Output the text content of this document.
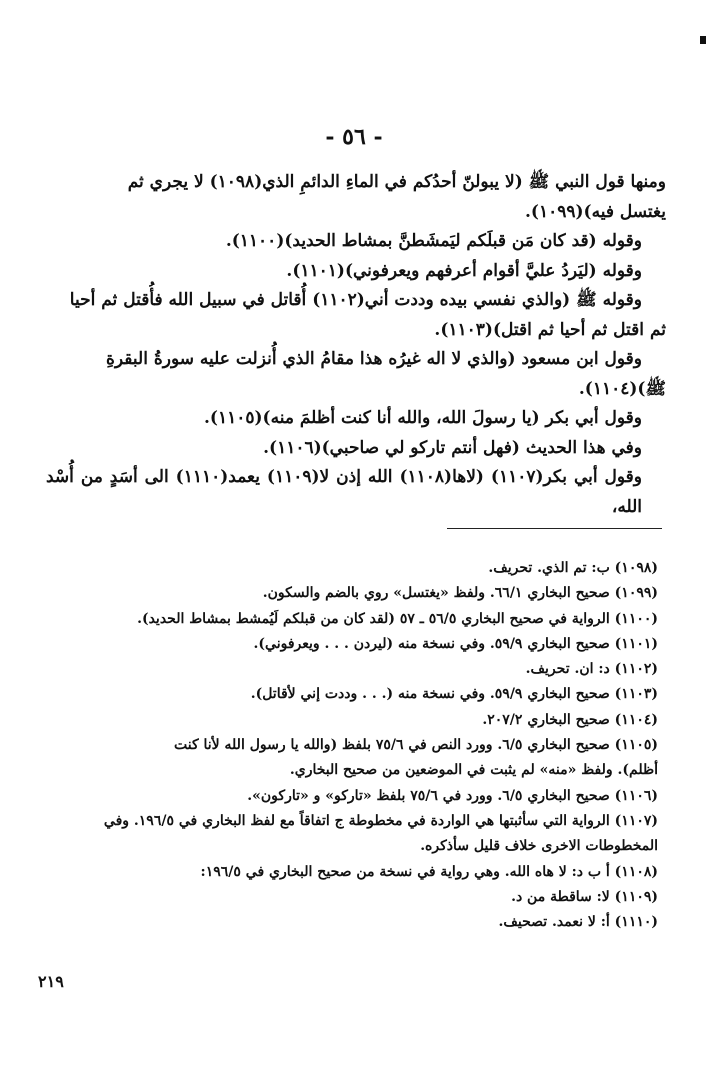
- ٥٦ -

ومنها قول النبي ﷺ (لا يبولنّ أحدُكم في الماءِ الدائمِ الذي(١٠٩٨) لا يجري ثم

يغتسل فيه)(١٠٩٩).

وقوله (قد كان مَن قبلَكم ليَمشَطنَّ بمشاط الحديد)(١١٠٠).

وقوله (ليَردُ عليَّ أقوام أعرفهم ويعرفوني)(١١٠١).

وقوله ﷺ (والذي نفسي بيده وددت أني(١١٠٢) أُقاتل في سبيل الله فأُقتل ثم أحيا

ثم اقتل ثم أحيا ثم اقتل)(١١٠٣).

وقول ابن مسعود (والذي لا اله غيرُه هذا مقامُ الذي أُنزلت عليه سورةُ البقرةِ

ﷺ)(١١٠٤).

وقول أبي بكر (يا رسولَ الله، والله أنا كنت أظلمَ منه)(١١٠٥).

وفي هذا الحديث (فهل أنتم تاركو لي صاحبي)(١١٠٦).

وقول أبي بكر(١١٠٧) (لاها(١١٠٨) الله إذن لا(١١٠٩) يعمد(١١١٠) الى أسَدٍ من أُسْد الله،

(١٠٩٨) ب: تم الذي. تحريف.

(١٠٩٩) صحيح البخاري ٦٦/١. ولفظ «يغتسل» روي بالضم والسكون.

(١١٠٠) الرواية في صحيح البخاري ٥٦/٥ ـ ٥٧ (لقد كان من قبلكم لَيُمشط بمشاط الحديد).

(١١٠١) صحيح البخاري ٥٩/٩. وفي نسخة منه (ليردن . . . ويعرفوني).

(١١٠٢) د: ان. تحريف.

(١١٠٣) صحيح البخاري ٥٩/٩. وفي نسخة منه (. . . وددت إني لأقاتل).

(١١٠٤) صحيح البخاري ٢٠٧/٢.

(١١٠٥) صحيح البخاري ٦/٥. وورد النص في ٧٥/٦ بلفظ (والله يا رسول الله لأنا كنت

أظلم). ولفظ «منه» لم يثبت في الموضعين من صحيح البخاري.

(١١٠٦) صحيح البخاري ٦/٥. وورد في ٧٥/٦ بلفظ «تاركو» و «تاركون».

(١١٠٧) الرواية التي سأثبتها هي الواردة في مخطوطة ج اتفاقاً مع لفظ البخاري في ١٩٦/٥. وفي

المخطوطات الاخرى خلاف قليل سأذكره.

(١١٠٨) أ ب د: لا هاه الله. وهي رواية في نسخة من صحيح البخاري في ١٩٦/٥:

(١١٠٩) لا: ساقطة من د.

(١١١٠) أ: لا نعمد. تصحيف.

٢١٩
